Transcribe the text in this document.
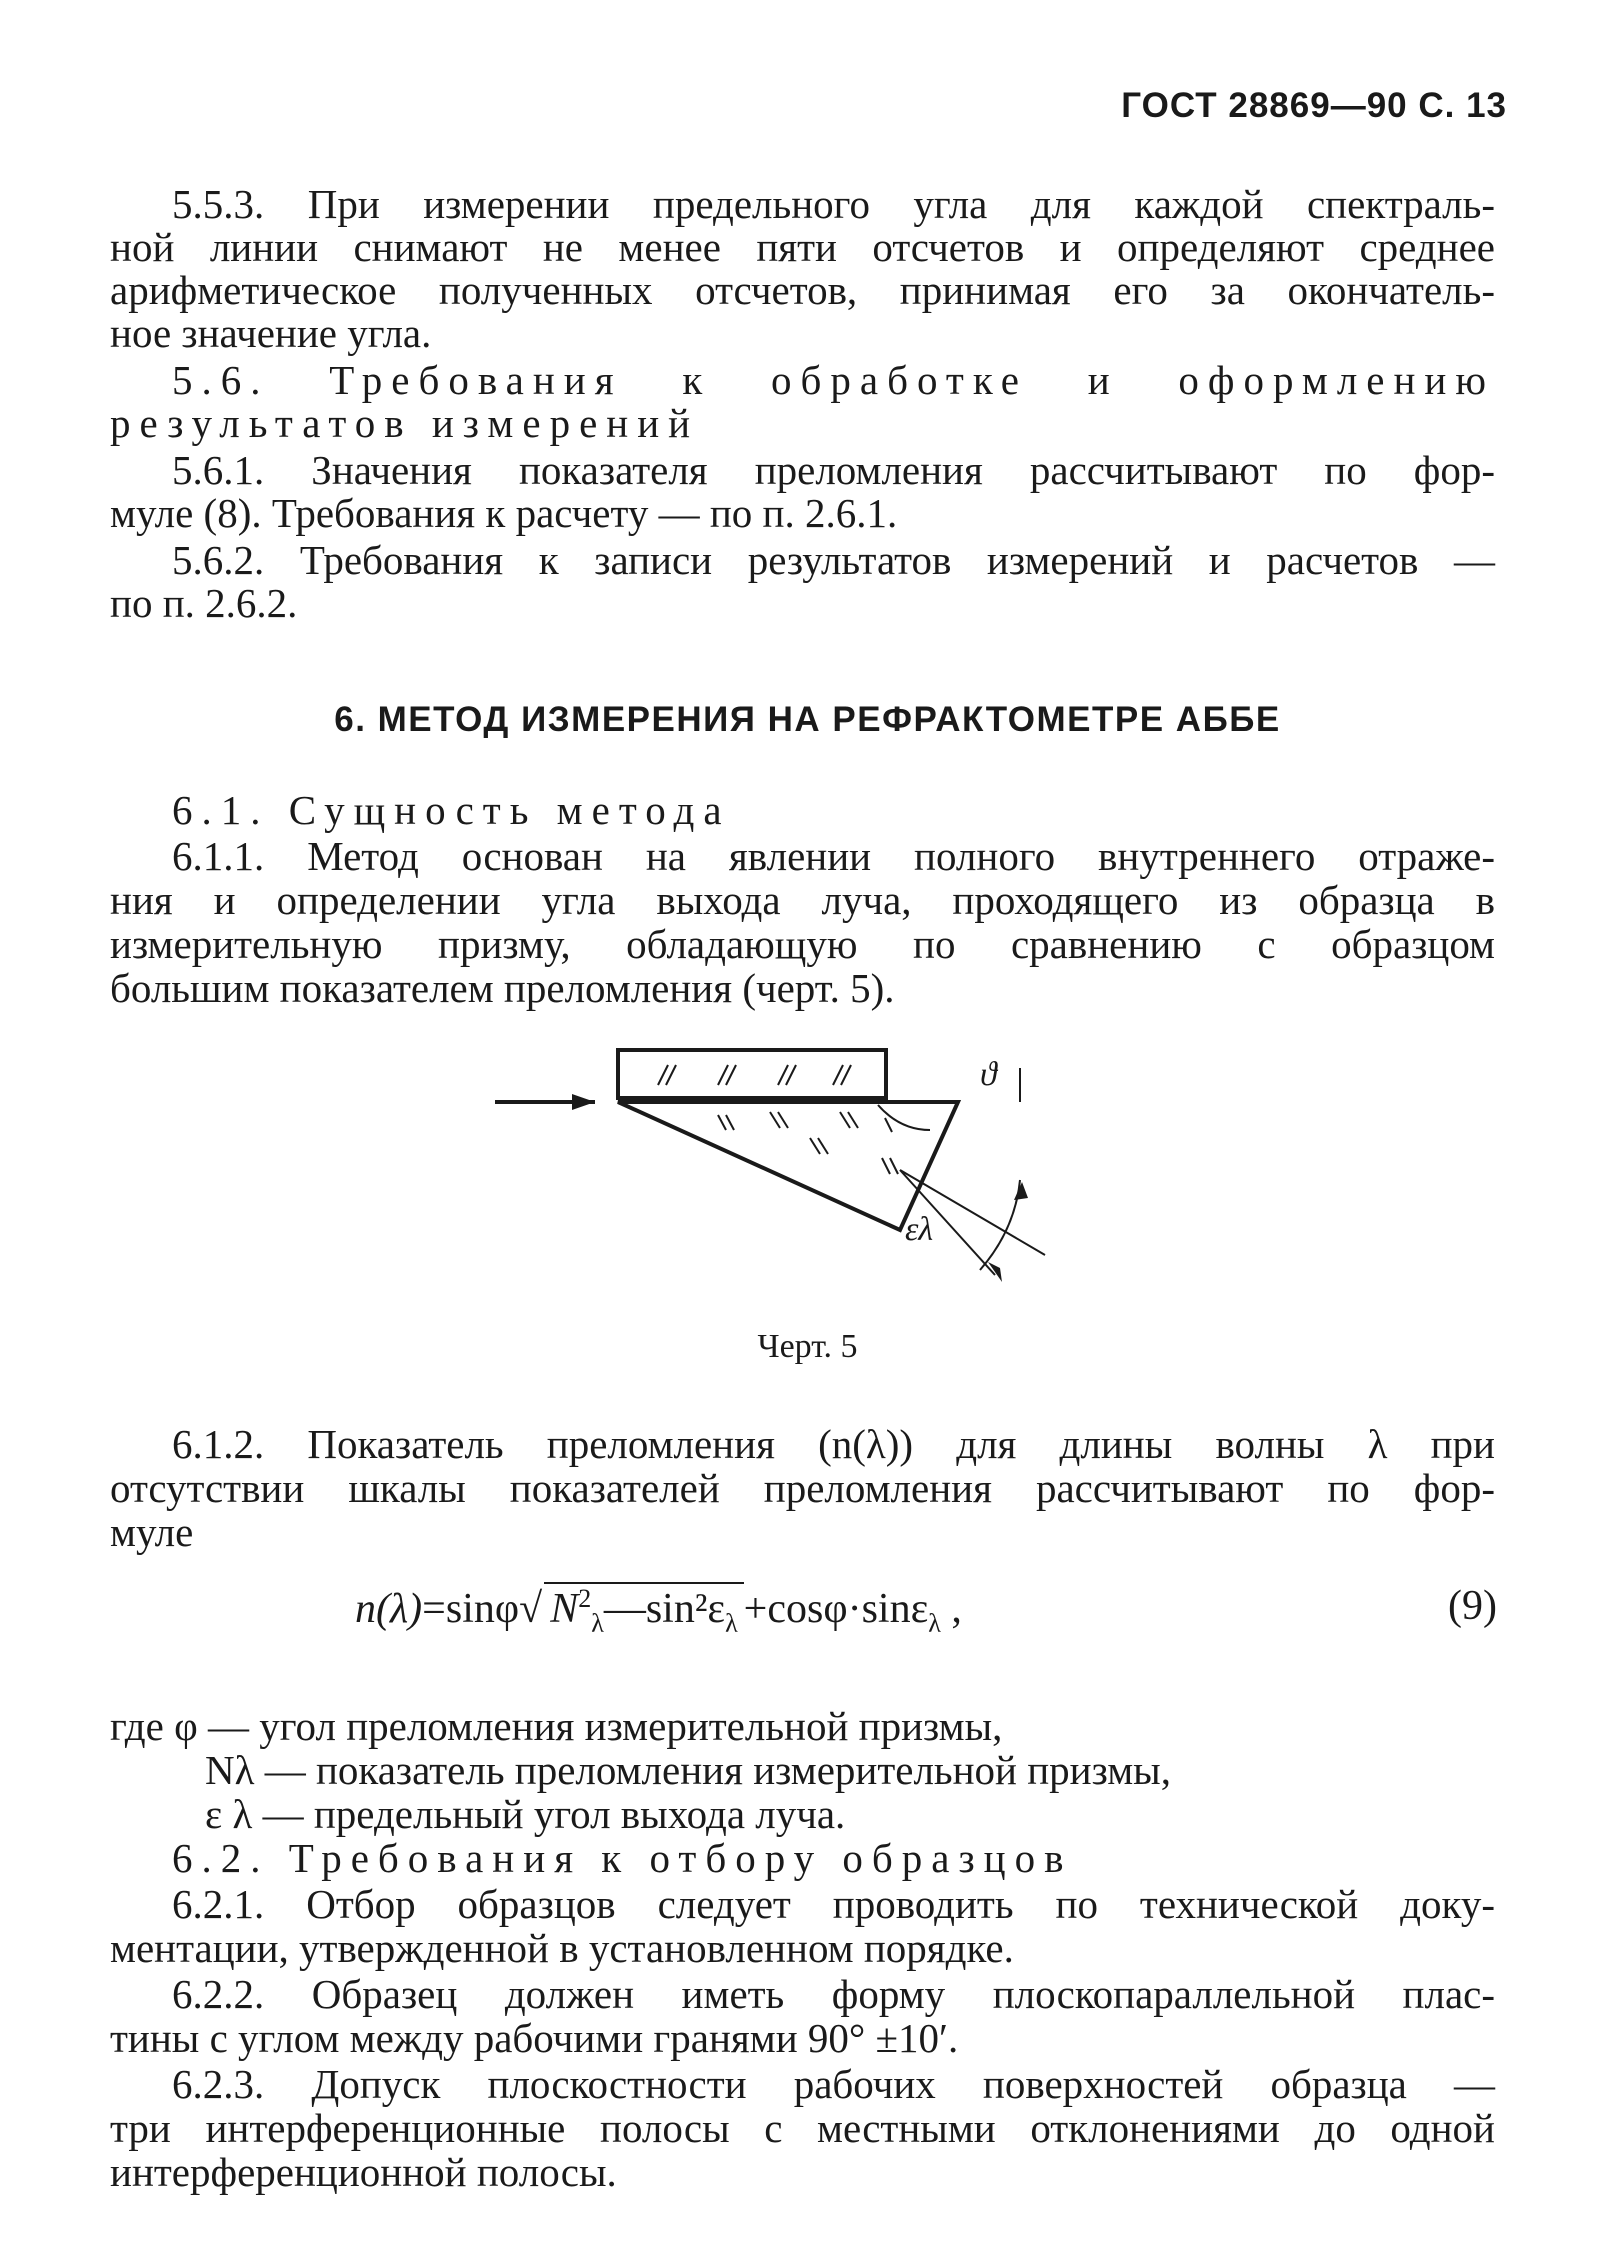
ГОСТ 28869—90 С. 13
5.5.3. При измерении предельного угла для каждой спектраль-
ной линии снимают не менее пяти отсчетов и определяют среднее
арифметическое полученных отсчетов, принимая его за окончатель-
ное значение угла.
5.6. Требования к обработке и оформлению
результатов измерений
5.6.1. Значения показателя преломления рассчитывают по фор-
муле (8). Требования к расчету — по п. 2.6.1.
5.6.2. Требования к записи результатов измерений и расчетов —
по п. 2.6.2.
6. МЕТОД ИЗМЕРЕНИЯ НА РЕФРАКТОМЕТРЕ АББЕ
6.1. Сущность метода
6.1.1. Метод основан на явлении полного внутреннего отраже-
ния и определении угла выхода луча, проходящего из образца в
измерительную призму, обладающую по сравнению с образцом
большим показателем преломления (черт. 5).
ϑ
ελ
Черт. 5
6.1.2. Показатель преломления (n(λ)) для длины волны λ при
отсутствии шкалы показателей преломления рассчитывают по фор-
муле
n(λ)=sinφ√ $N^2_\lambda—\sin^2\varepsilon_\lambda +\cos\varphi\cdot\sin\varepsilon_\lambda$ ,	(9)
где φ — угол преломления измерительной призмы,
Nλ — показатель преломления измерительной призмы,
ε λ — предельный угол выхода луча.
6.2. Требования к отбору образцов
6.2.1. Отбор образцов следует проводить по технической доку-
ментации, утвержденной в установленном порядке.
6.2.2. Образец должен иметь форму плоскопараллельной плас-
тины с углом между рабочими гранями 90° ±10′.
6.2.3. Допуск плоскостности рабочих поверхностей образца —
три интерференционные полосы с местными отклонениями до одной
интерференционной полосы.
